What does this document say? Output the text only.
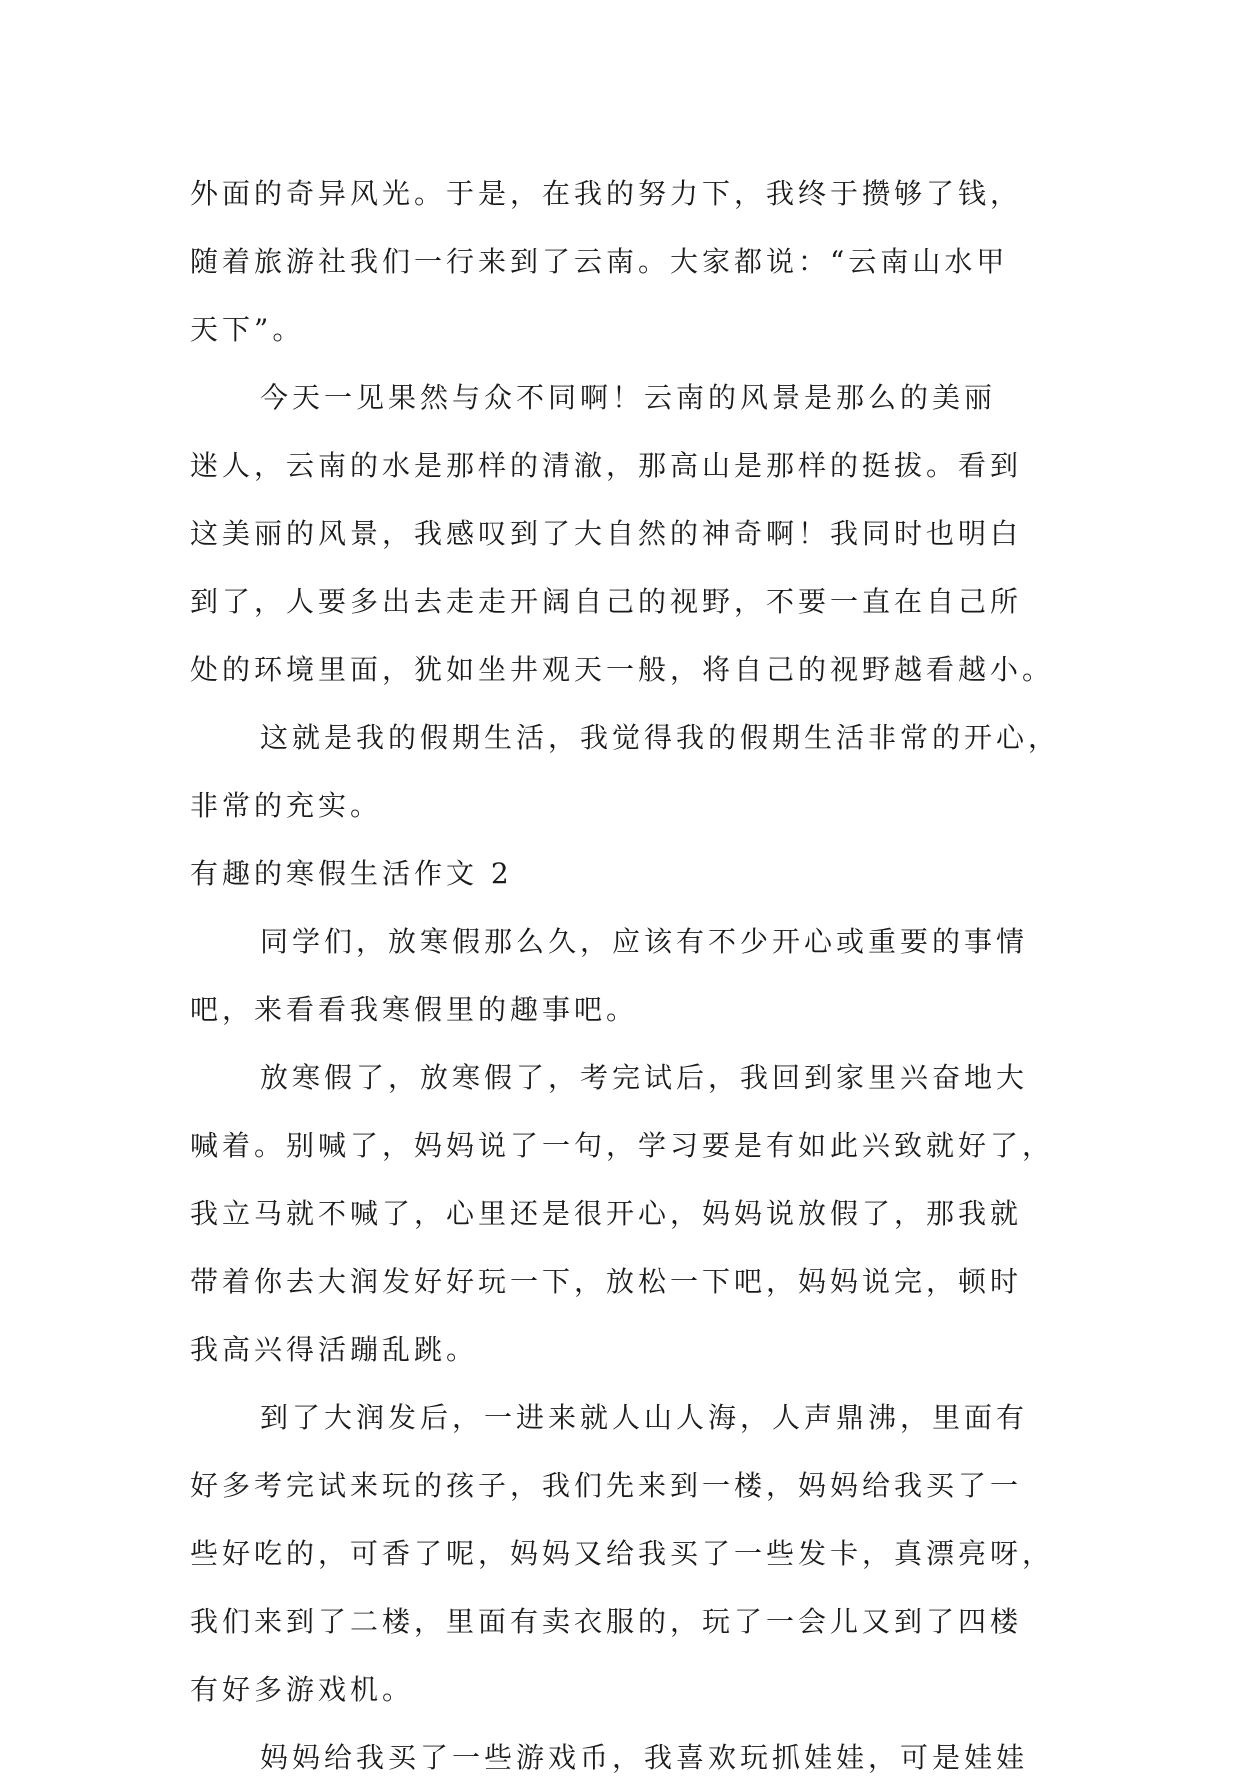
外面的奇异风光。于是，在我的努力下，我终于攒够了钱，
随着旅游社我们一行来到了云南。大家都说：“云南山水甲
天下”。
今天一见果然与众不同啊！云南的风景是那么的美丽
迷人，云南的水是那样的清澈，那高山是那样的挺拔。看到
这美丽的风景，我感叹到了大自然的神奇啊！我同时也明白
到了，人要多出去走走开阔自己的视野，不要一直在自己所
处的环境里面，犹如坐井观天一般，将自己的视野越看越小。
这就是我的假期生活，我觉得我的假期生活非常的开心，
非常的充实。
有趣的寒假生活作文 2
同学们，放寒假那么久，应该有不少开心或重要的事情
吧，来看看我寒假里的趣事吧。
放寒假了，放寒假了，考完试后，我回到家里兴奋地大
喊着。别喊了，妈妈说了一句，学习要是有如此兴致就好了，
我立马就不喊了，心里还是很开心，妈妈说放假了，那我就
带着你去大润发好好玩一下，放松一下吧，妈妈说完，顿时
我高兴得活蹦乱跳。
到了大润发后，一进来就人山人海，人声鼎沸，里面有
好多考完试来玩的孩子，我们先来到一楼，妈妈给我买了一
些好吃的，可香了呢，妈妈又给我买了一些发卡，真漂亮呀，
我们来到了二楼，里面有卖衣服的，玩了一会儿又到了四楼
有好多游戏机。
妈妈给我买了一些游戏币，我喜欢玩抓娃娃，可是娃娃
